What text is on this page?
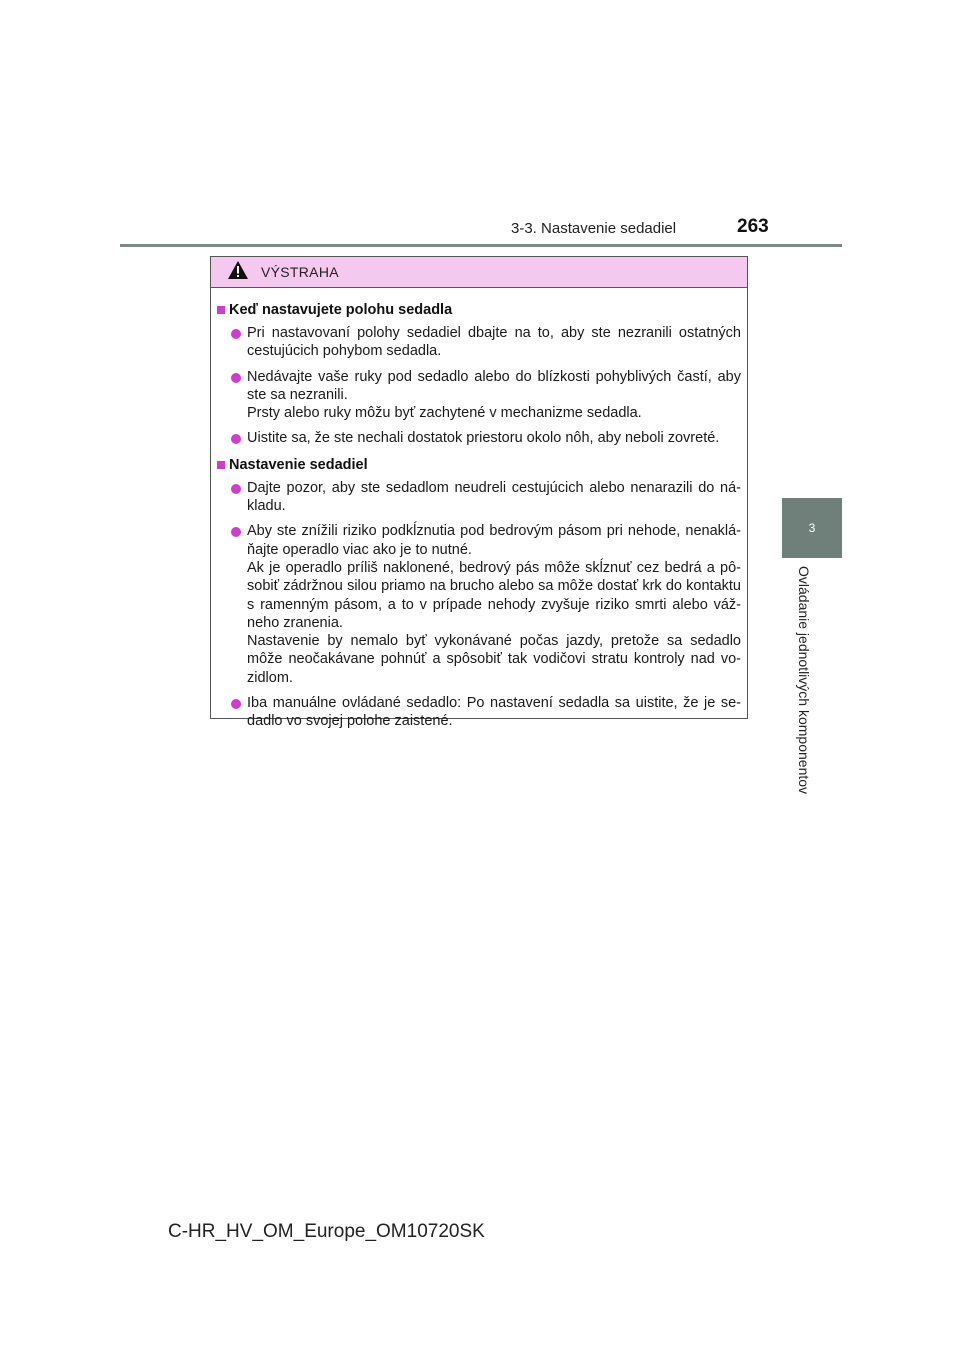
3-3. Nastavenie sedadiel	263
3
Ovládanie jednotlivých komponentov
VÝSTRAHA
Keď nastavujete polohu sedadla
Pri nastavovaní polohy sedadiel dbajte na to, aby ste nezranili ostatných cestujúcich pohybom sedadla.
Nedávajte vaše ruky pod sedadlo alebo do blízkosti pohyblivých častí, aby ste sa nezranili.
Prsty alebo ruky môžu byť zachytené v mechanizme sedadla.
Uistite sa, že ste nechali dostatok priestoru okolo nôh, aby neboli zovreté.
Nastavenie sedadiel
Dajte pozor, aby ste sedadlom neudreli cestujúcich alebo nenarazili do ná-kladu.
Aby ste znížili riziko podkĺznutia pod bedrovým pásom pri nehode, nenaklá-ňajte operadlo viac ako je to nutné.
Ak je operadlo príliš naklonené, bedrový pás môže skĺznuť cez bedrá a pô-sobiť zádržnou silou priamo na brucho alebo sa môže dostať krk do kontaktu s ramenným pásom, a to v prípade nehody zvyšuje riziko smrti alebo váž-neho zranenia.
Nastavenie by nemalo byť vykonávané počas jazdy, pretože sa sedadlo môže neočakávane pohnúť a spôsobiť tak vodičovi stratu kontroly nad vo-zidlom.
Iba manuálne ovládané sedadlo: Po nastavení sedadla sa uistite, že je se-dadlo vo svojej polohe zaistené.
C-HR_HV_OM_Europe_OM10720SK
